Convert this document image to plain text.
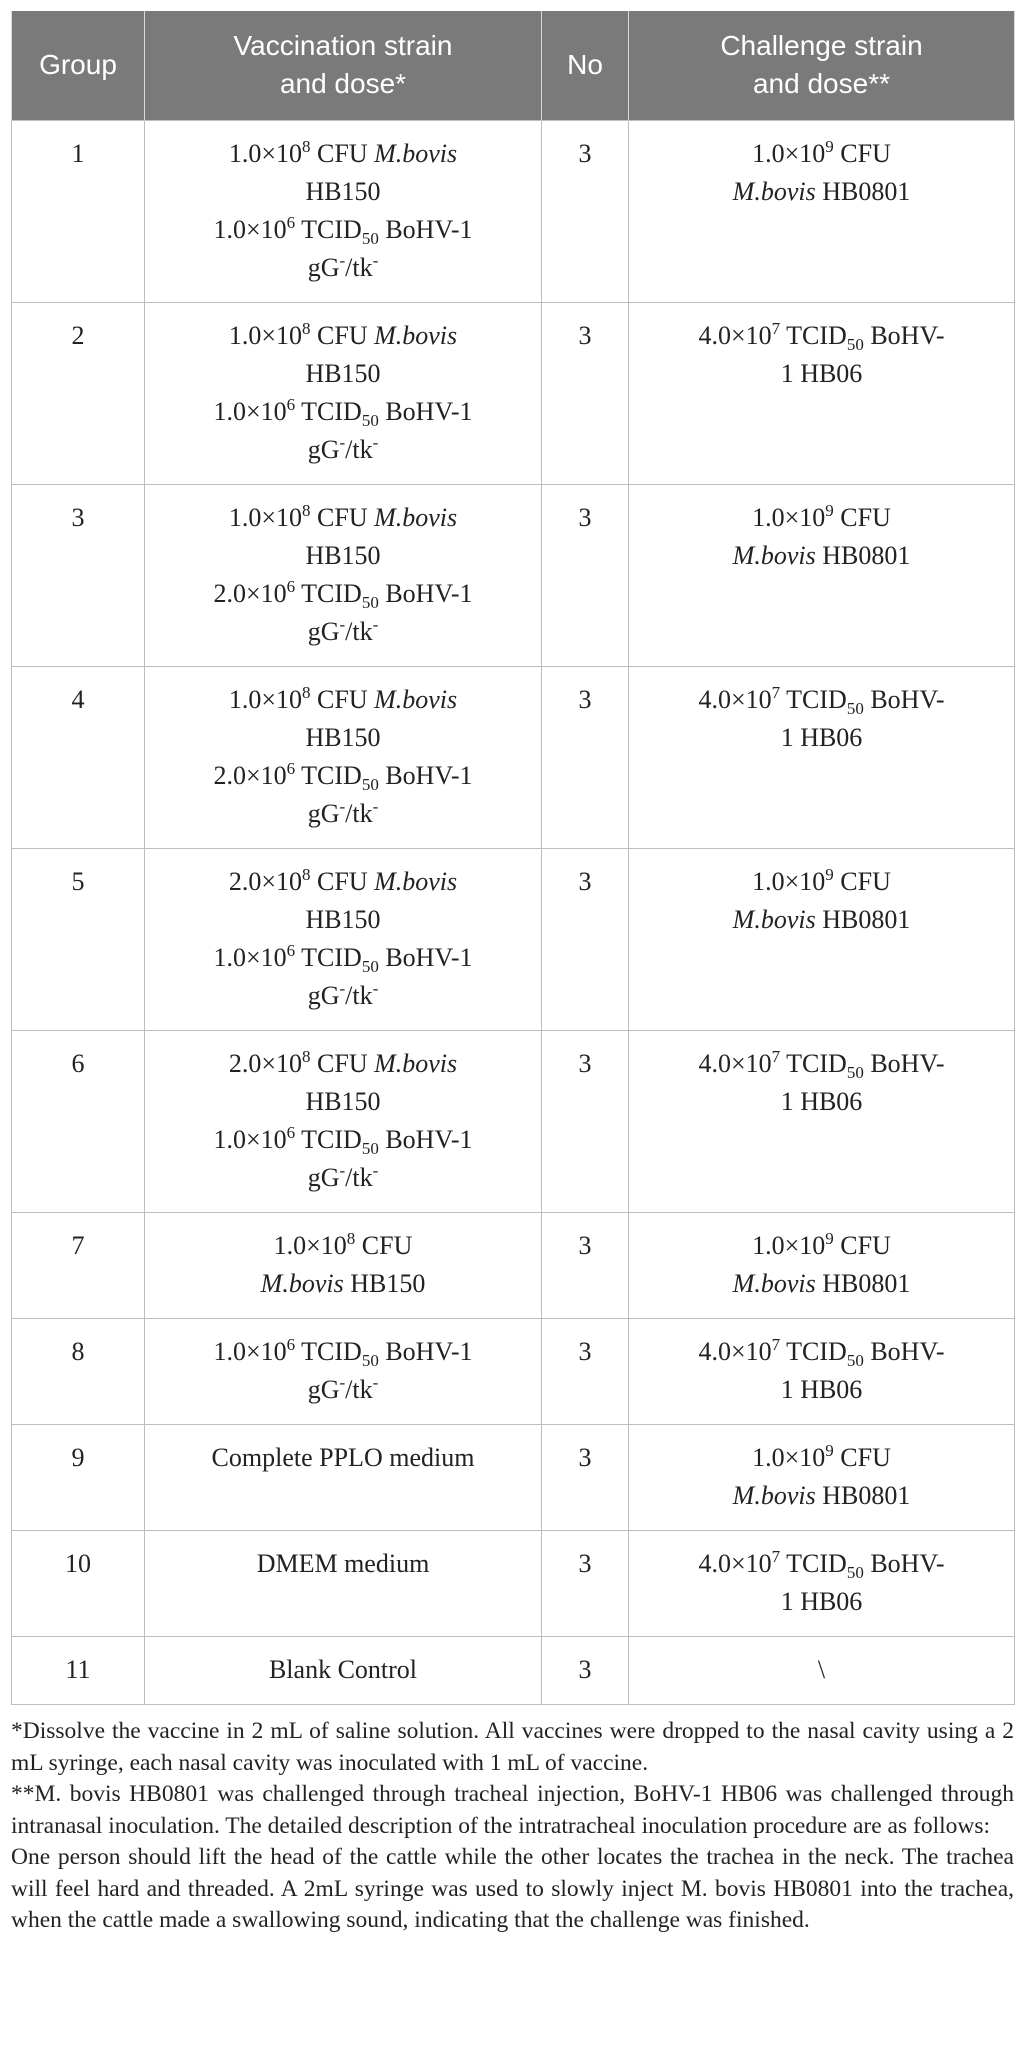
Group	Vaccination strain
and dose*	No	Challenge strain
and dose**

1	$1.0\times 10^8$ CFU M.bovis
HB150
$1.0\times 10^6$ $TCID_{50}$ BoHV-1
gG-/tk-	3	$1.0\times 10^9$ CFU
M.bovis HB0801

2	$1.0\times 10^8$ CFU M.bovis
HB150
$1.0\times 10^6$ $TCID_{50}$ BoHV-1
gG-/tk-	3	$4.0\times 10^7$ $TCID_{50}$ BoHV-
1 HB06

3	$1.0\times 10^8$ CFU M.bovis
HB150
$2.0\times 10^6$ $TCID_{50}$ BoHV-1
gG-/tk-	3	$1.0\times 10^9$ CFU
M.bovis HB0801

4	$1.0\times 10^8$ CFU M.bovis
HB150
$2.0\times 10^6$ $TCID_{50}$ BoHV-1
gG-/tk-	3	$4.0\times 10^7$ $TCID_{50}$ BoHV-
1 HB06

5	$2.0\times 10^8$ CFU M.bovis
HB150
$1.0\times 10^6$ $TCID_{50}$ BoHV-1
gG-/tk-	3	$1.0\times 10^9$ CFU
M.bovis HB0801

6	$2.0\times 10^8$ CFU M.bovis
HB150
$1.0\times 10^6$ $TCID_{50}$ BoHV-1
gG-/tk-	3	$4.0\times 10^7$ $TCID_{50}$ BoHV-
1 HB06

7	$1.0\times 10^8$ CFU
M.bovis HB150	3	$1.0\times 10^9$ CFU
M.bovis HB0801

8	$1.0\times 10^6$ $TCID_{50}$ BoHV-1
gG-/tk-	3	$4.0\times 10^7$ $TCID_{50}$ BoHV-
1 HB06

9	Complete PPLO medium	3	$1.0\times 10^9$ CFU
M.bovis HB0801

10	DMEM medium	3	$4.0\times 10^7$ $TCID_{50}$ BoHV-
1 HB06

11	Blank Control	3	\

*Dissolve the vaccine in 2 mL of saline solution. All vaccines were dropped to the nasal cavity using a 2 mL syringe, each nasal cavity was inoculated with 1 mL of vaccine.

**M. bovis HB0801 was challenged through tracheal injection, BoHV-1 HB06 was challenged through intranasal inoculation. The detailed description of the intratracheal inoculation procedure are as follows:

One person should lift the head of the cattle while the other locates the trachea in the neck. The trachea will feel hard and threaded. A 2mL syringe was used to slowly inject M. bovis HB0801 into the trachea, when the cattle made a swallowing sound, indicating that the challenge was finished.
